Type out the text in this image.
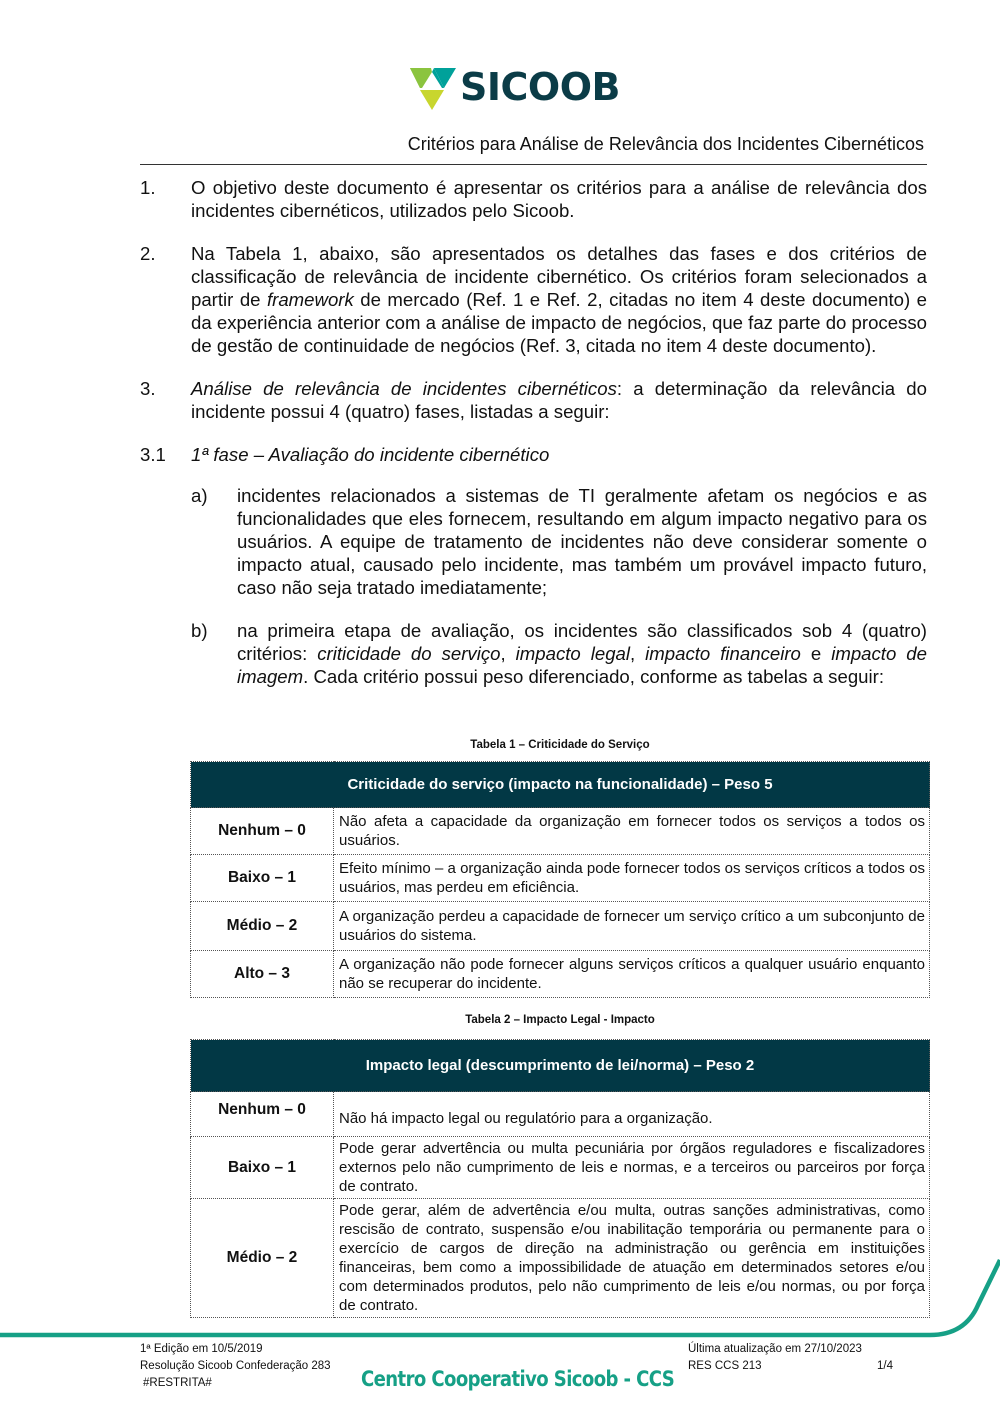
SICOOB
Critérios para Análise de Relevância dos Incidentes Cibernéticos
1.	O objetivo deste documento é apresentar os critérios para a análise de relevância dos incidentes cibernéticos, utilizados pelo Sicoob.
2.	Na Tabela 1, abaixo, são apresentados os detalhes das fases e dos critérios de classificação de relevância de incidente cibernético. Os critérios foram selecionados a partir de framework de mercado (Ref. 1 e Ref. 2, citadas no item 4 deste documento) e da experiência anterior com a análise de impacto de negócios, que faz parte do processo de gestão de continuidade de negócios (Ref. 3, citada no item 4 deste documento).
3.	Análise de relevância de incidentes cibernéticos: a determinação da relevância do incidente possui 4 (quatro) fases, listadas a seguir:
3.1	1ª fase – Avaliação do incidente cibernético
a)	incidentes relacionados a sistemas de TI geralmente afetam os negócios e as funcionalidades que eles fornecem, resultando em algum impacto negativo para os usuários. A equipe de tratamento de incidentes não deve considerar somente o impacto atual, causado pelo incidente, mas também um provável impacto futuro, caso não seja tratado imediatamente;
b)	na primeira etapa de avaliação, os incidentes são classificados sob 4 (quatro) critérios: criticidade do serviço, impacto legal, impacto financeiro e impacto de imagem. Cada critério possui peso diferenciado, conforme as tabelas a seguir:
Tabela 1 – Criticidade do Serviço
Criticidade do serviço (impacto na funcionalidade) – Peso 5	
Nenhum – 0	Não afeta a capacidade da organização em fornecer todos os serviços a todos os usuários.
Baixo – 1	Efeito mínimo – a organização ainda pode fornecer todos os serviços críticos a todos os usuários, mas perdeu em eficiência.
Médio – 2	A organização perdeu a capacidade de fornecer um serviço crítico a um subconjunto de usuários do sistema.
Alto – 3	A organização não pode fornecer alguns serviços críticos a qualquer usuário enquanto não se recuperar do incidente.
Tabela 2 – Impacto Legal - Impacto
Impacto legal (descumprimento de lei/norma) – Peso 2	
Nenhum – 0	Não há impacto legal ou regulatório para a organização.
Baixo – 1	Pode gerar advertência ou multa pecuniária por órgãos reguladores e fiscalizadores externos pelo não cumprimento de leis e normas, e a terceiros ou parceiros por força de contrato.
Médio – 2	Pode gerar, além de advertência e/ou multa, outras sanções administrativas, como rescisão de contrato, suspensão e/ou inabilitação temporária ou permanente para o exercício de cargos de direção na administração ou gerência em instituições financeiras, bem como a impossibilidade de atuação em determinados setores e/ou com determinados produtos, pelo não cumprimento de leis e/ou normas, ou por força de contrato.
1ª Edição em 10/5/2019
Resolução Sicoob Confederação 283
#RESTRITA#	Centro Cooperativo Sicoob - CCS
Última atualização em 27/10/2023
RES CCS 213	1/4
